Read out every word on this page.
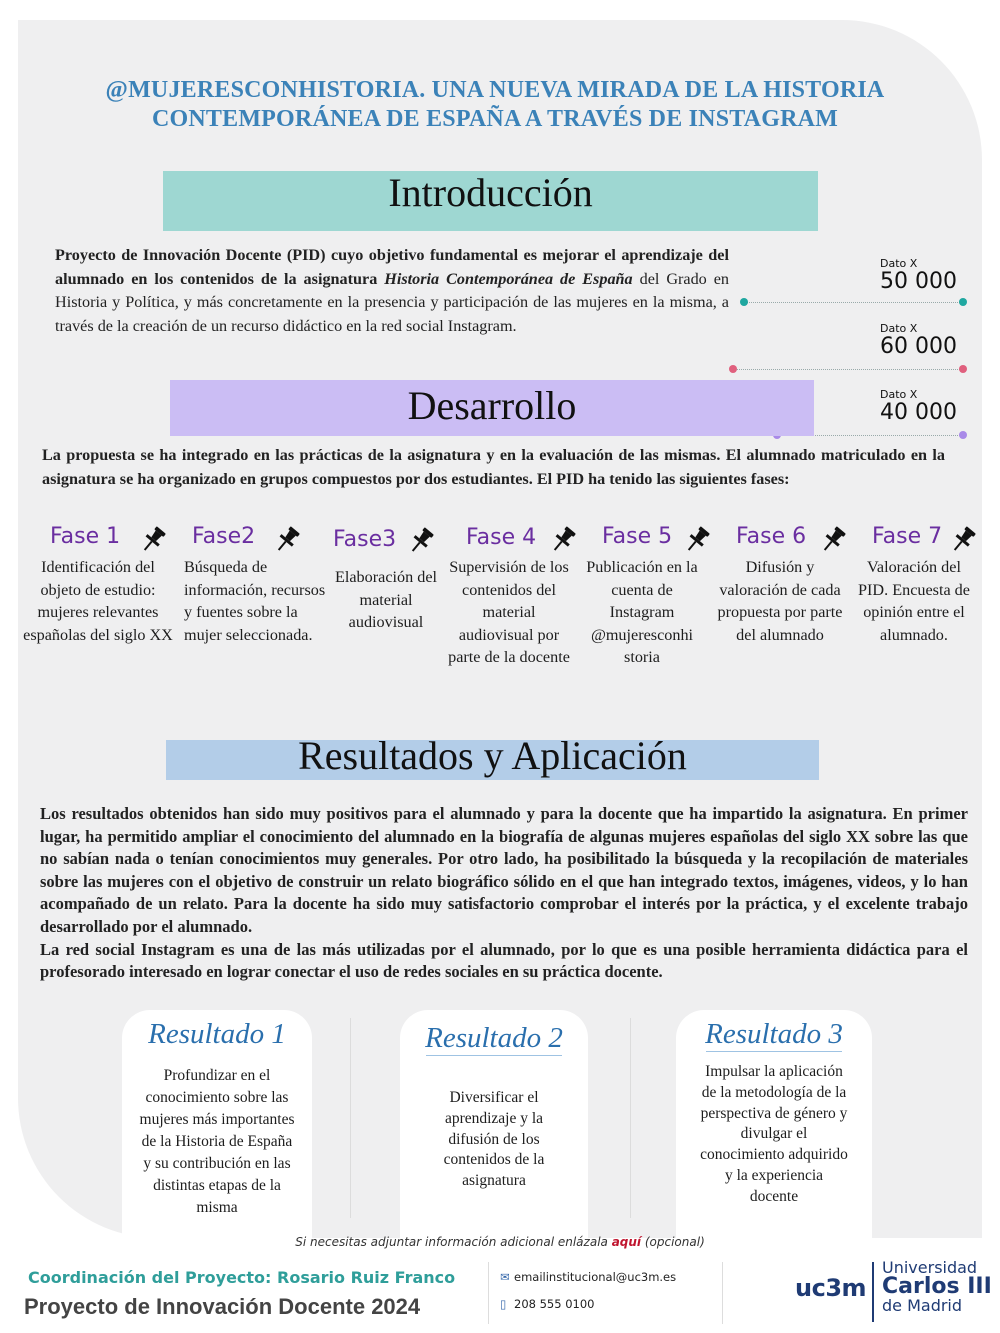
@MUJERESCONHISTORIA. UNA NUEVA MIRADA DE LA HISTORIA
CONTEMPORÁNEA DE ESPAÑA A TRAVÉS DE INSTAGRAM
Introducción
Proyecto de Innovación Docente (PID) cuyo objetivo fundamental es mejorar el aprendizaje del alumnado en los contenidos de la asignatura Historia Contemporánea de España del Grado en Historia y Política, y más concretamente en la presencia y participación de las mujeres en la misma, a través de la creación de un recurso didáctico en la red social Instagram.
Dato X
50 000
Dato X
60 000
Dato X
40 000
Desarrollo
La propuesta se ha integrado en las prácticas de la asignatura y en la evaluación de las mismas. El alumnado matriculado en la asignatura se ha organizado en grupos compuestos por dos estudiantes. El PID ha tenido las siguientes fases:
Fase 1
Identificación del objeto de estudio: mujeres relevantes españolas del siglo XX
Fase2
Búsqueda de información, recursos y fuentes sobre la mujer seleccionada.
Fase3
Elaboración del material audiovisual
Fase 4
Supervisión de los contenidos del material audiovisual por parte de la docente
Fase 5
Publicación en la cuenta de Instagram @mujeresconhi storia
Fase 6
Difusión y valoración de cada propuesta por parte del alumnado
Fase 7
Valoración del PID. Encuesta de opinión entre el alumnado.
Resultados y Aplicación
Los resultados obtenidos han sido muy positivos para el alumnado y para la docente que ha impartido la asignatura. En primer lugar, ha permitido ampliar el conocimiento del alumnado en la biografía de algunas mujeres españolas del siglo XX sobre las que no sabían nada o tenían conocimientos muy generales. Por otro lado, ha posibilitado la búsqueda y la recopilación de materiales sobre las mujeres con el objetivo de construir un relato biográfico sólido en el que han integrado textos, imágenes, videos, y lo han acompañado de un relato. Para la docente ha sido muy satisfactorio comprobar el interés por la práctica, y el excelente trabajo desarrollado por el alumnado.
La red social Instagram es una de las más utilizadas por el alumnado, por lo que es una posible herramienta didáctica para el profesorado interesado en lograr conectar el uso de redes sociales en su práctica docente.
Resultado 1
Profundizar en el conocimiento sobre las mujeres más importantes de la Historia de España y su contribución en las distintas etapas de la misma
Resultado 2
Diversificar el aprendizaje y la difusión de los contenidos de la asignatura
Resultado 3
Impulsar la aplicación de la metodología de la perspectiva de género y divulgar el conocimiento adquirido y la experiencia docente
Si necesitas adjuntar información adicional enlázala aquí (opcional)
Coordinación del Proyecto: Rosario Ruiz Franco
Proyecto de Innovación Docente 2024
✉ emailinstitucional@uc3m.es
▯ 208 555 0100
uc3m
Universidad
Carlos III
de Madrid
